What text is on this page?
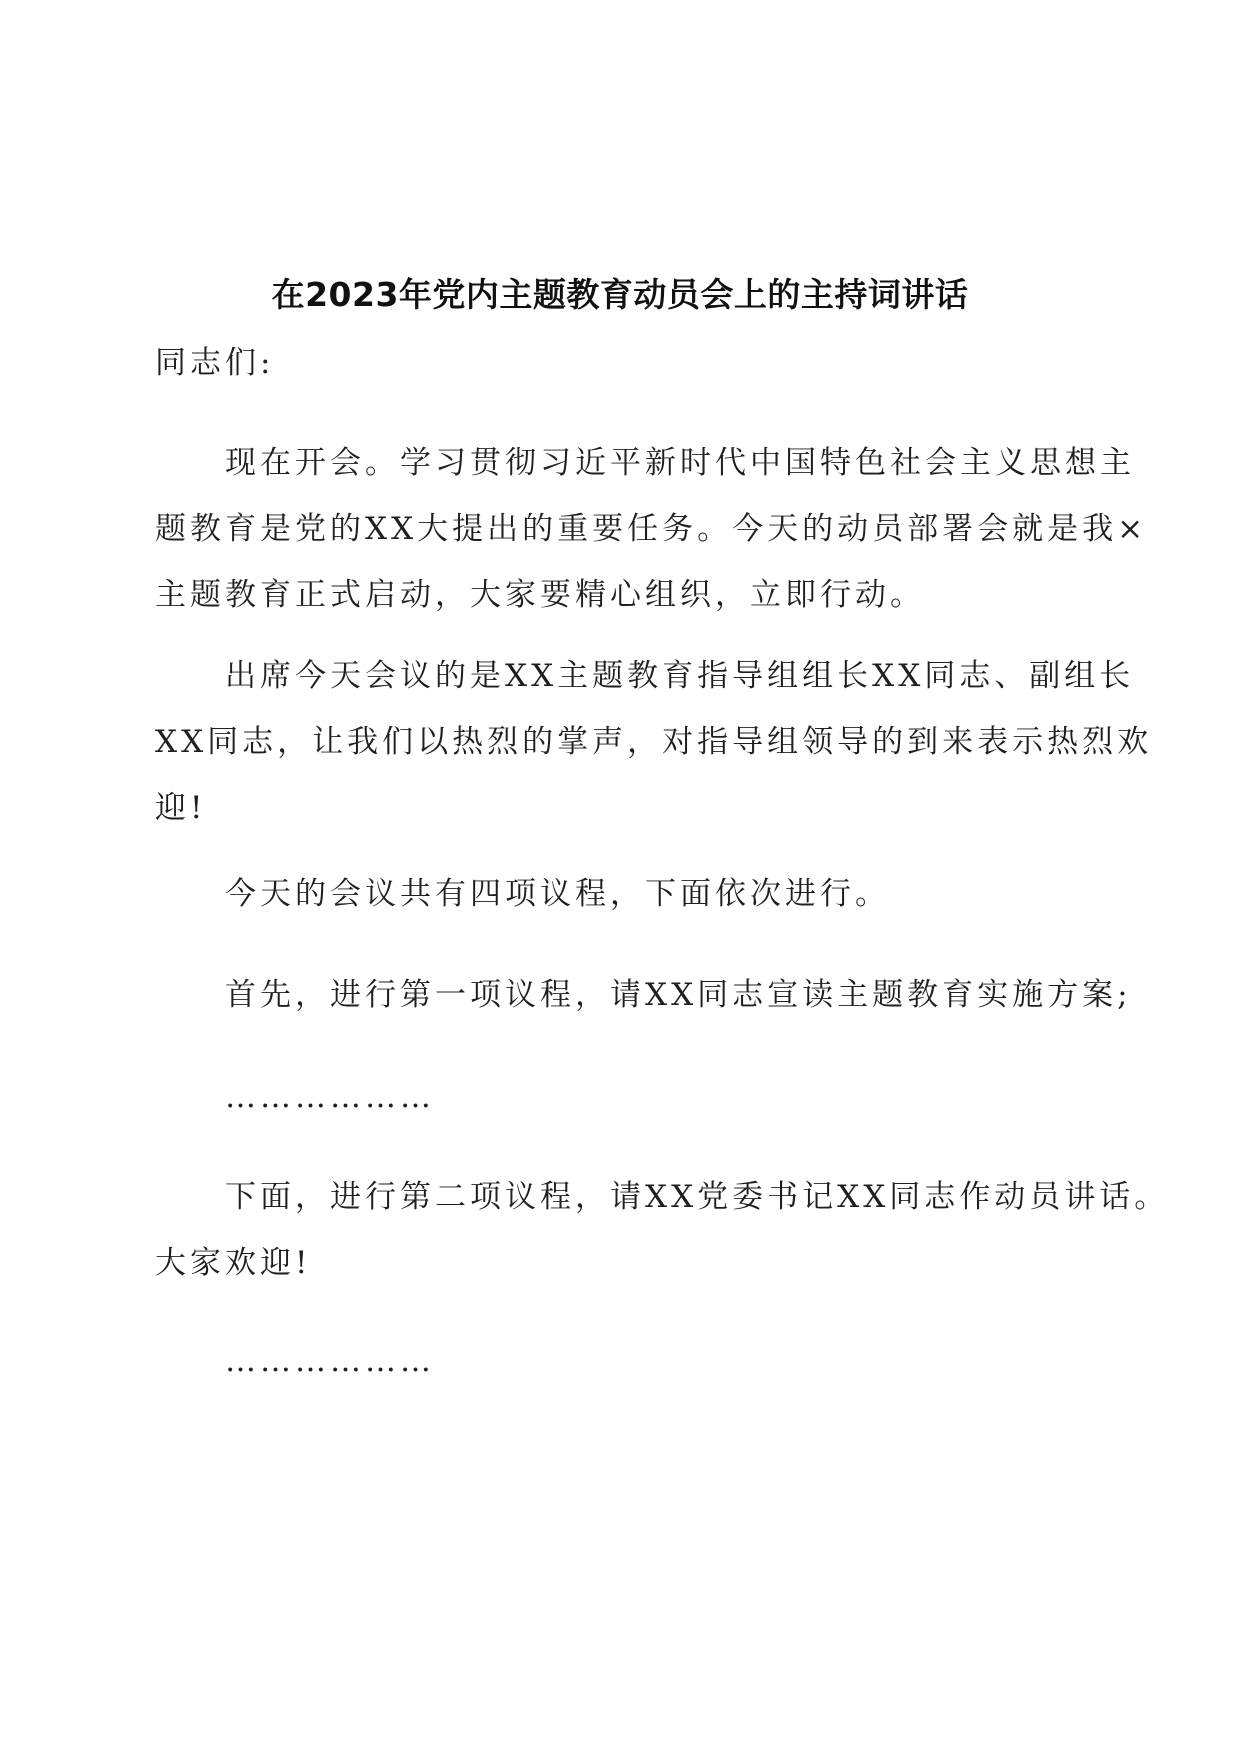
在2023年党内主题教育动员会上的主持词讲话
同志们:
现在开会。学习贯彻习近平新时代中国特色社会主义思想主
题教育是党的XX大提出的重要任务。今天的动员部署会就是我×
主题教育正式启动，大家要精心组织，立即行动。
出席今天会议的是XX主题教育指导组组长XX同志、副组长
XX同志，让我们以热烈的掌声，对指导组领导的到来表示热烈欢
迎!
今天的会议共有四项议程，下面依次进行。
首先，进行第一项议程，请XX同志宣读主题教育实施方案;
………………
下面，进行第二项议程，请XX党委书记XX同志作动员讲话。
大家欢迎!
………………
